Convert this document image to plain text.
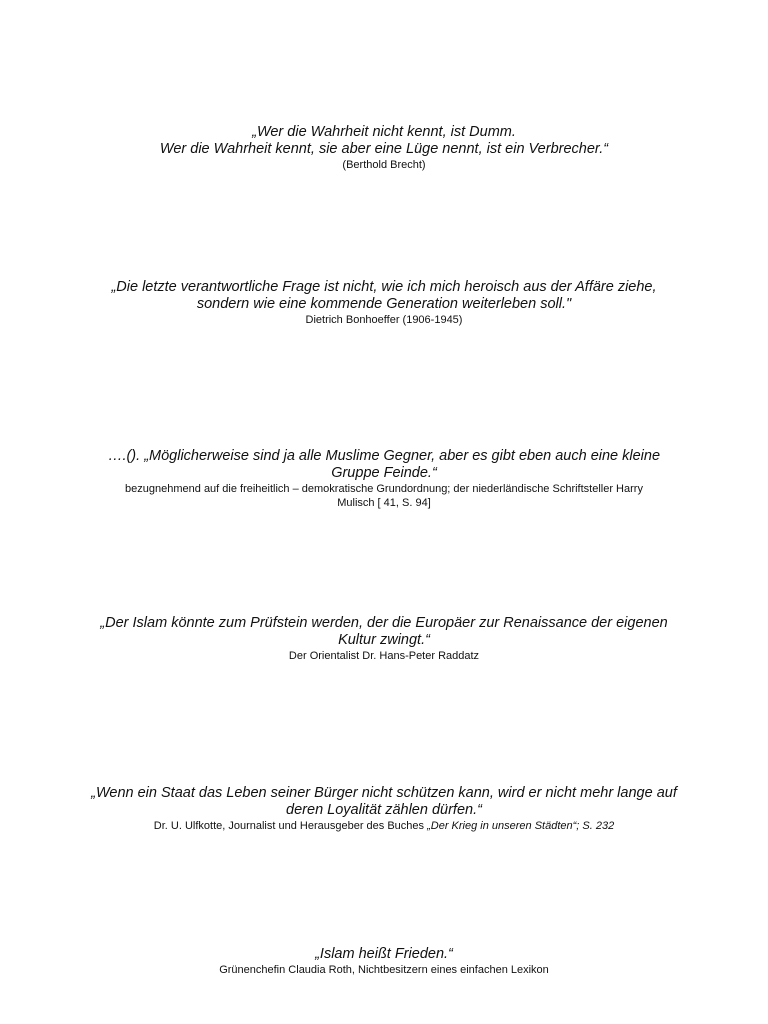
„Wer die Wahrheit nicht kennt, ist Dumm.

Wer die Wahrheit kennt, sie aber eine Lüge nennt, ist ein Verbrecher.“

(Berthold Brecht)

„Die letzte verantwortliche Frage ist nicht, wie ich mich heroisch aus der Affäre ziehe,

sondern wie eine kommende Generation weiterleben soll."

Dietrich Bonhoeffer (1906-1945)

….(). „Möglicherweise sind ja alle Muslime Gegner, aber es gibt eben auch eine kleine

Gruppe Feinde.“

bezugnehmend auf die freiheitlich – demokratische Grundordnung; der niederländische Schriftsteller Harry

Mulisch [ 41, S. 94]

„Der Islam könnte zum Prüfstein werden, der die Europäer zur Renaissance der eigenen

Kultur zwingt.“

Der Orientalist Dr. Hans-Peter Raddatz

„Wenn ein Staat das Leben seiner Bürger nicht schützen kann, wird er nicht mehr lange auf

deren Loyalität zählen dürfen.“

Dr. U. Ulfkotte, Journalist und Herausgeber des Buches „Der Krieg in unseren Städten“; S. 232

„Islam heißt Frieden.“

Grünenchefin Claudia Roth, Nichtbesitzern eines einfachen Lexikon
